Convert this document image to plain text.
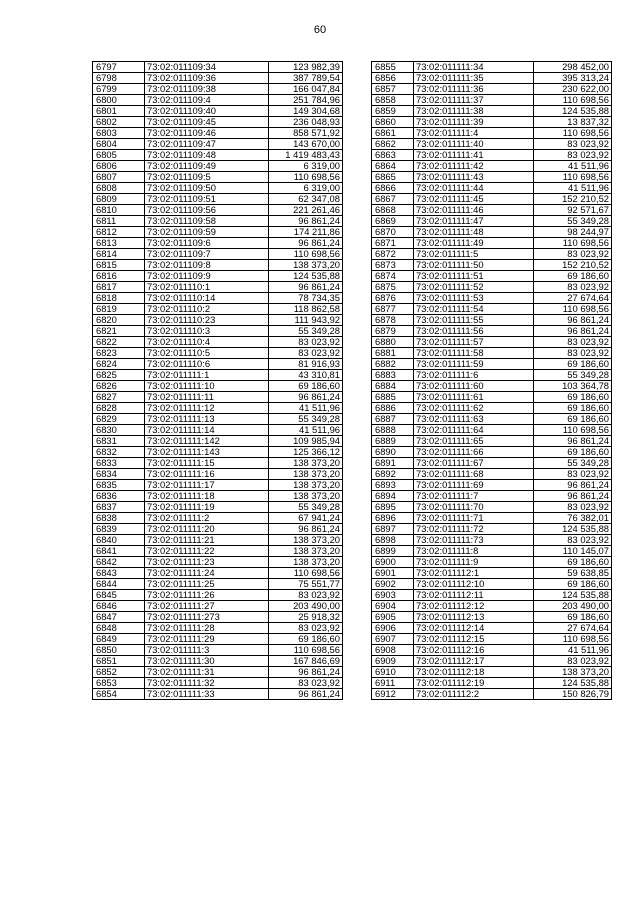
60
6797	73:02:011109:34	123 982,39
6798	73:02:011109:36	387 789,54
6799	73:02:011109:38	166 047,84
6800	73:02:011109:4	251 784,96
6801	73:02:011109:40	149 304,68
6802	73:02:011109:45	236 048,93
6803	73:02:011109:46	858 571,92
6804	73:02:011109:47	143 670,00
6805	73:02:011109:48	1 419 483,43
6806	73:02:011109:49	6 319,00
6807	73:02:011109:5	110 698,56
6808	73:02:011109:50	6 319,00
6809	73:02:011109:51	62 347,08
6810	73:02:011109:56	221 261,46
6811	73:02:011109:58	96 861,24
6812	73:02:011109:59	174 211,86
6813	73:02:011109:6	96 861,24
6814	73:02:011109:7	110 698,56
6815	73:02:011109:8	138 373,20
6816	73:02:011109:9	124 535,88
6817	73:02:011110:1	96 861,24
6818	73:02:011110:14	78 734,35
6819	73:02:011110:2	118 862,58
6820	73:02:011110:23	111 943,92
6821	73:02:011110:3	55 349,28
6822	73:02:011110:4	83 023,92
6823	73:02:011110:5	83 023,92
6824	73:02:011110:6	81 916,93
6825	73:02:011111:1	43 310,81
6826	73:02:011111:10	69 186,60
6827	73:02:011111:11	96 861,24
6828	73:02:011111:12	41 511,96
6829	73:02:011111:13	55 349,28
6830	73:02:011111:14	41 511,96
6831	73:02:011111:142	109 985,94
6832	73:02:011111:143	125 366,12
6833	73:02:011111:15	138 373,20
6834	73:02:011111:16	138 373,20
6835	73:02:011111:17	138 373,20
6836	73:02:011111:18	138 373,20
6837	73:02:011111:19	55 349,28
6838	73:02:011111:2	67 941,24
6839	73:02:011111:20	96 861,24
6840	73:02:011111:21	138 373,20
6841	73:02:011111:22	138 373,20
6842	73:02:011111:23	138 373,20
6843	73:02:011111:24	110 698,56
6844	73:02:011111:25	75 551,77
6845	73:02:011111:26	83 023,92
6846	73:02:011111:27	203 490,00
6847	73:02:011111:273	25 918,32
6848	73:02:011111:28	83 023,92
6849	73:02:011111:29	69 186,60
6850	73:02:011111:3	110 698,56
6851	73:02:011111:30	167 846,69
6852	73:02:011111:31	96 861,24
6853	73:02:011111:32	83 023,92
6854	73:02:011111:33	96 861,24
6855	73:02:011111:34	298 452,00
6856	73:02:011111:35	395 313,24
6857	73:02:011111:36	230 622,00
6858	73:02:011111:37	110 698,56
6859	73:02:011111:38	124 535,88
6860	73:02:011111:39	13 837,32
6861	73:02:011111:4	110 698,56
6862	73:02:011111:40	83 023,92
6863	73:02:011111:41	83 023,92
6864	73:02:011111:42	41 511,96
6865	73:02:011111:43	110 698,56
6866	73:02:011111:44	41 511,96
6867	73:02:011111:45	152 210,52
6868	73:02:011111:46	92 571,67
6869	73:02:011111:47	55 349,28
6870	73:02:011111:48	98 244,97
6871	73:02:011111:49	110 698,56
6872	73:02:011111:5	83 023,92
6873	73:02:011111:50	152 210,52
6874	73:02:011111:51	69 186,60
6875	73:02:011111:52	83 023,92
6876	73:02:011111:53	27 674,64
6877	73:02:011111:54	110 698,56
6878	73:02:011111:55	96 861,24
6879	73:02:011111:56	96 861,24
6880	73:02:011111:57	83 023,92
6881	73:02:011111:58	83 023,92
6882	73:02:011111:59	69 186,60
6883	73:02:011111:6	55 349,28
6884	73:02:011111:60	103 364,78
6885	73:02:011111:61	69 186,60
6886	73:02:011111:62	69 186,60
6887	73:02:011111:63	69 186,60
6888	73:02:011111:64	110 698,56
6889	73:02:011111:65	96 861,24
6890	73:02:011111:66	69 186,60
6891	73:02:011111:67	55 349,28
6892	73:02:011111:68	83 023,92
6893	73:02:011111:69	96 861,24
6894	73:02:011111:7	96 861,24
6895	73:02:011111:70	83 023,92
6896	73:02:011111:71	76 382,01
6897	73:02:011111:72	124 535,88
6898	73:02:011111:73	83 023,92
6899	73:02:011111:8	110 145,07
6900	73:02:011111:9	69 186,60
6901	73:02:011112:1	59 638,85
6902	73:02:011112:10	69 186,60
6903	73:02:011112:11	124 535,88
6904	73:02:011112:12	203 490,00
6905	73:02:011112:13	69 186,60
6906	73:02:011112:14	27 674,64
6907	73:02:011112:15	110 698,56
6908	73:02:011112:16	41 511,96
6909	73:02:011112:17	83 023,92
6910	73:02:011112:18	138 373,20
6911	73:02:011112:19	124 535,88
6912	73:02:011112:2	150 826,79
